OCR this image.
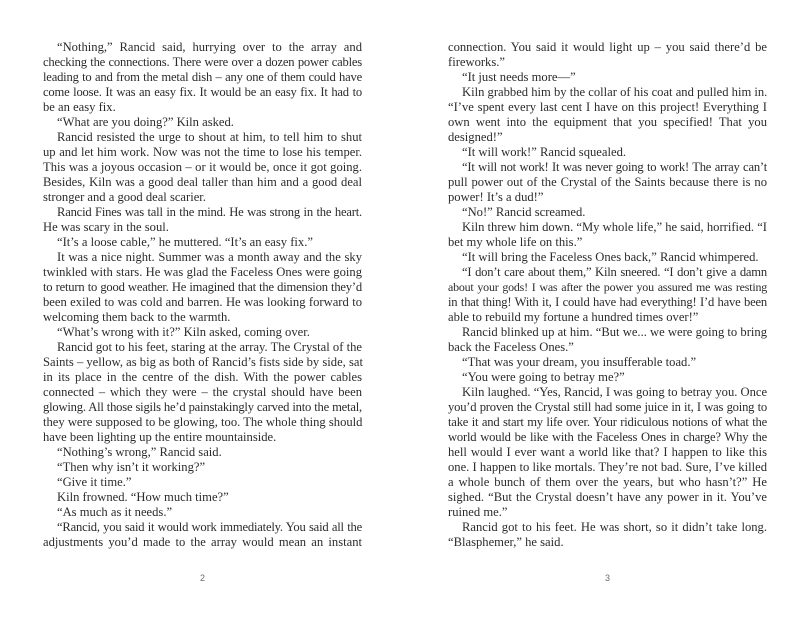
“Nothing,” Rancid said, hurrying over to the array and
checking the connections. There were over a dozen power cables
leading to and from the metal dish – any one of them could have
come loose. It was an easy fix. It would be an easy fix. It had to
be an easy fix.
“What are you doing?” Kiln asked.
Rancid resisted the urge to shout at him, to tell him to shut
up and let him work. Now was not the time to lose his temper.
This was a joyous occasion – or it would be, once it got going.
Besides, Kiln was a good deal taller than him and a good deal
stronger and a good deal scarier.
Rancid Fines was tall in the mind. He was strong in the heart.
He was scary in the soul.
“It’s a loose cable,” he muttered. “It’s an easy fix.”
It was a nice night. Summer was a month away and the sky
twinkled with stars. He was glad the Faceless Ones were going
to return to good weather. He imagined that the dimension they’d
been exiled to was cold and barren. He was looking forward to
welcoming them back to the warmth.
“What’s wrong with it?” Kiln asked, coming over.
Rancid got to his feet, staring at the array. The Crystal of the
Saints – yellow, as big as both of Rancid’s fists side by side, sat
in its place in the centre of the dish. With the power cables
connected – which they were – the crystal should have been
glowing. All those sigils he’d painstakingly carved into the metal,
they were supposed to be glowing, too. The whole thing should
have been lighting up the entire mountainside.
“Nothing’s wrong,” Rancid said.
“Then why isn’t it working?”
“Give it time.”
Kiln frowned. “How much time?”
“As much as it needs.”
“Rancid, you said it would work immediately. You said all the
adjustments you’d made to the array would mean an instant
2
connection. You said it would light up – you said there’d be
fireworks.”
“It just needs more—”
Kiln grabbed him by the collar of his coat and pulled him in.
“I’ve spent every last cent I have on this project! Everything I
own went into the equipment that you specified! That you
designed!”
“It will work!” Rancid squealed.
“It will not work! It was never going to work! The array can’t
pull power out of the Crystal of the Saints because there is no
power! It’s a dud!”
“No!” Rancid screamed.
Kiln threw him down. “My whole life,” he said, horrified. “I
bet my whole life on this.”
“It will bring the Faceless Ones back,” Rancid whimpered.
“I don’t care about them,” Kiln sneered. “I don’t give a damn
about your gods! I was after the power you assured me was resting
in that thing! With it, I could have had everything! I’d have been
able to rebuild my fortune a hundred times over!”
Rancid blinked up at him. “But we... we were going to bring
back the Faceless Ones.”
“That was your dream, you insufferable toad.”
“You were going to betray me?”
Kiln laughed. “Yes, Rancid, I was going to betray you. Once
you’d proven the Crystal still had some juice in it, I was going to
take it and start my life over. Your ridiculous notions of what the
world would be like with the Faceless Ones in charge? Why the
hell would I ever want a world like that? I happen to like this
one. I happen to like mortals. They’re not bad. Sure, I’ve killed
a whole bunch of them over the years, but who hasn’t?” He
sighed. “But the Crystal doesn’t have any power in it. You’ve
ruined me.”
Rancid got to his feet. He was short, so it didn’t take long.
“Blasphemer,” he said.
3
